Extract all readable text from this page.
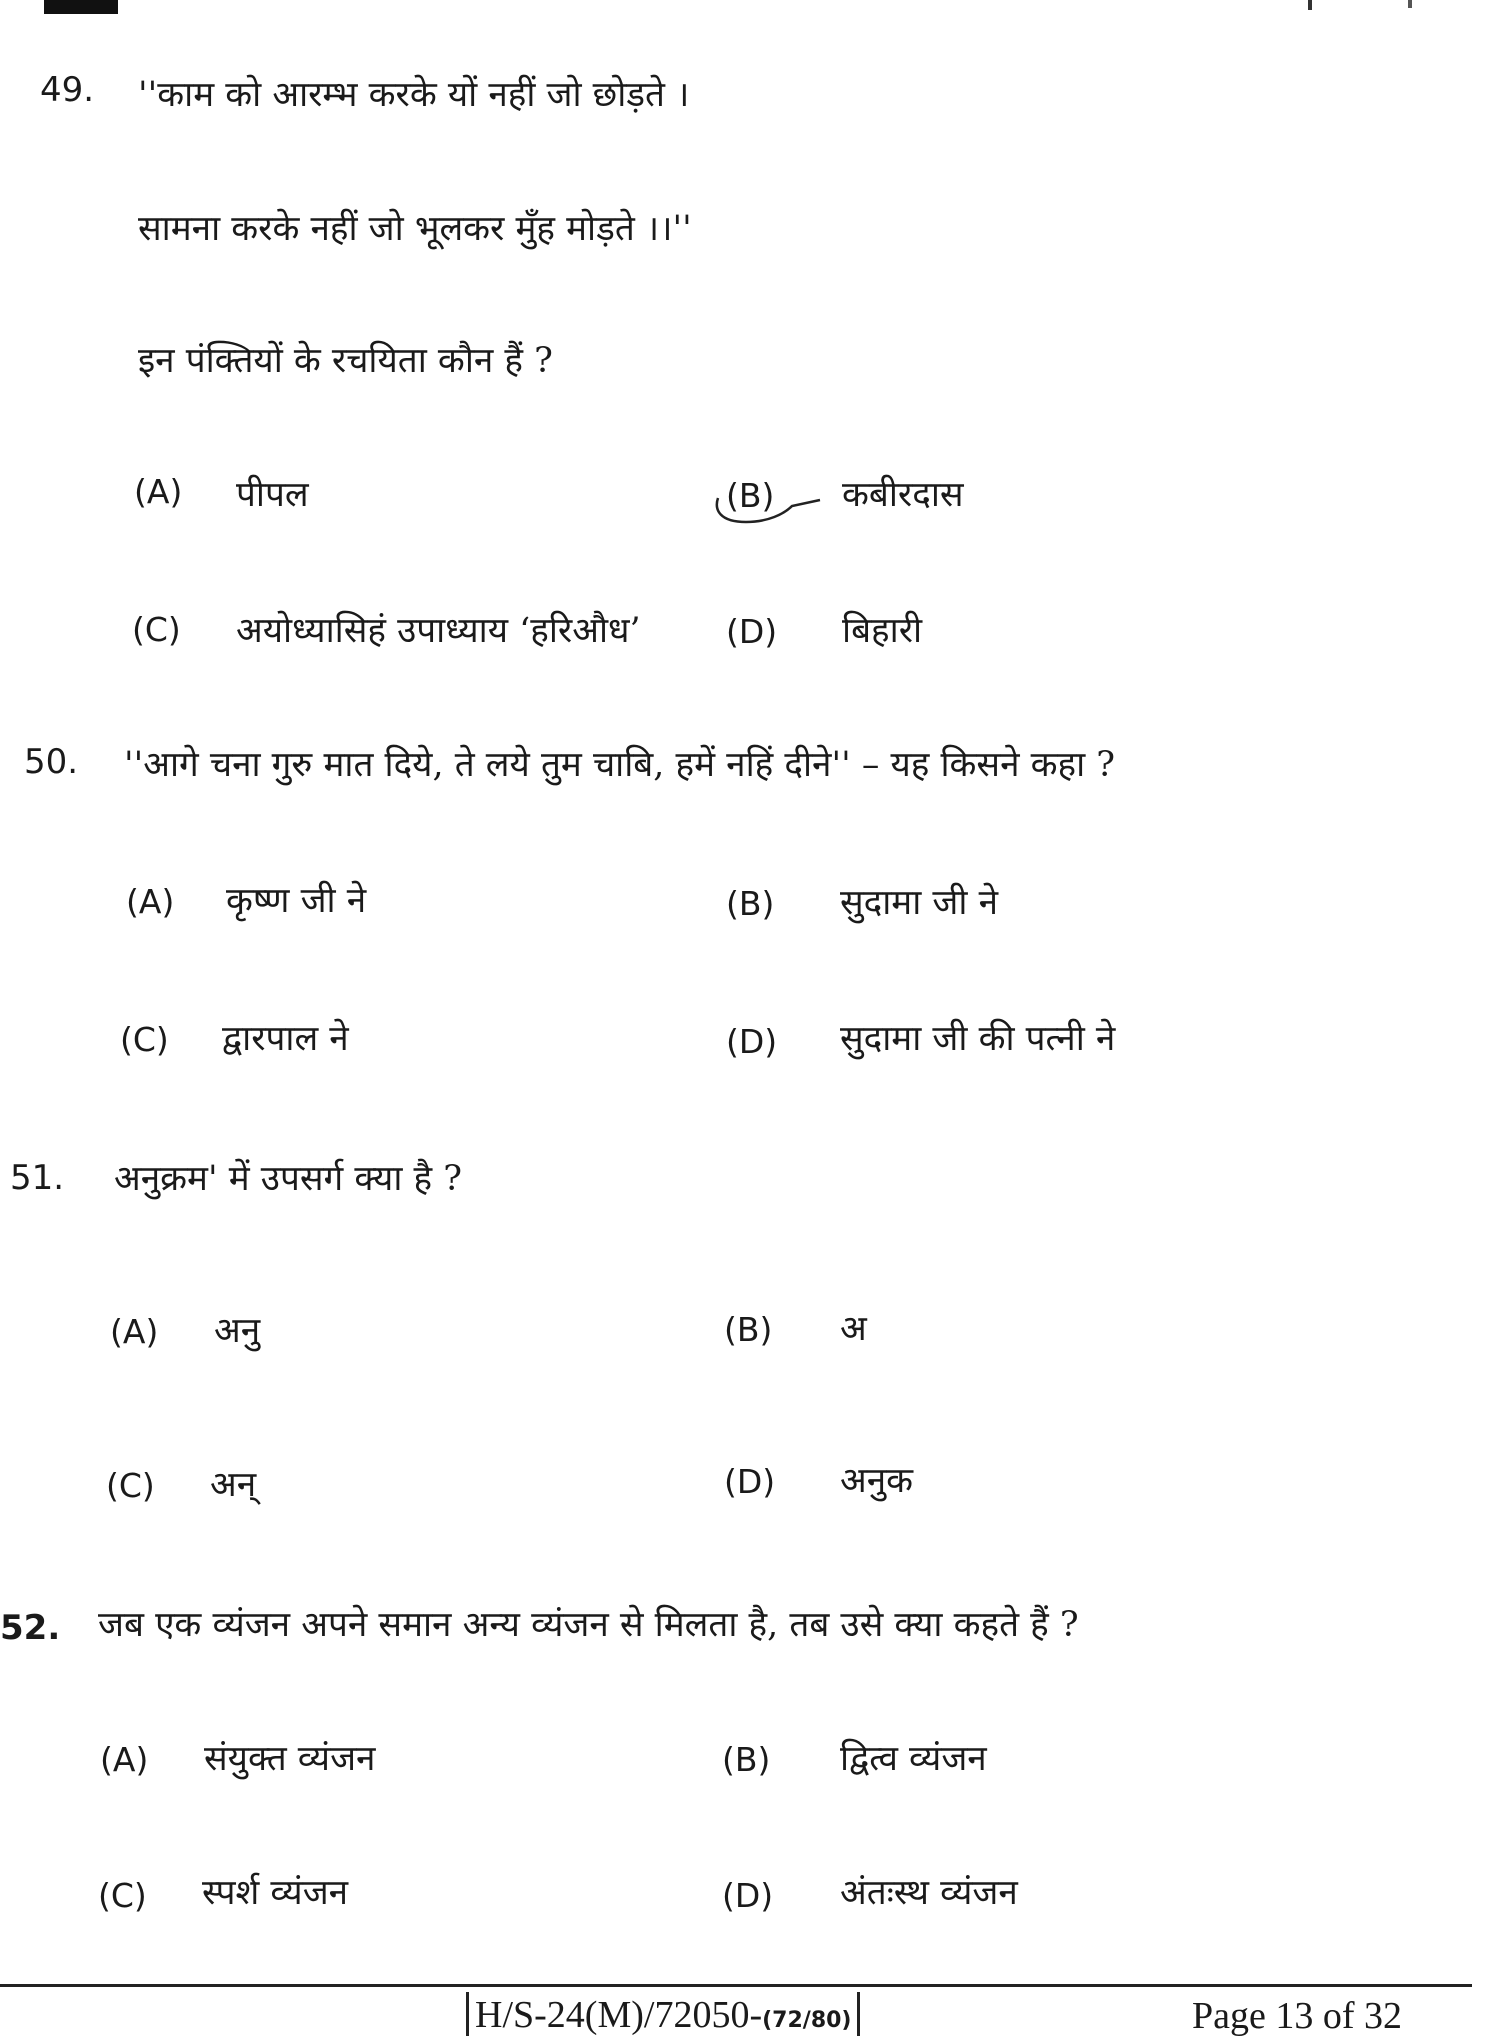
49. ''काम को आरम्भ करके यों नहीं जो छोड़ते ।
सामना करके नहीं जो भूलकर मुँह मोड़ते ।।''
इन पंक्तियों के रचयिता कौन हैं ?
(A) पीपल	(B) कबीरदास
(C) अयोध्यासिहं उपाध्याय ‘हरिऔध’	(D) बिहारी
50. ''आगे चना गुरु मात दिये, ते लये तुम चाबि, हमें नहिं दीने'' – यह किसने कहा ?
(A) कृष्ण जी ने	(B) सुदामा जी ने
(C) द्वारपाल ने	(D) सुदामा जी की पत्नी ने
51. अनुक्रम' में उपसर्ग क्या है ?
(A) अनु	(B) अ
(C) अन्	(D) अनुक
52. जब एक व्यंजन अपने समान अन्य व्यंजन से मिलता है, तब उसे क्या कहते हैं ?
(A) संयुक्त व्यंजन	(B) द्वित्व व्यंजन
(C) स्पर्श व्यंजन	(D) अंतःस्थ व्यंजन
H/S-24(M)/72050-(72/80)	Page 13 of 32
